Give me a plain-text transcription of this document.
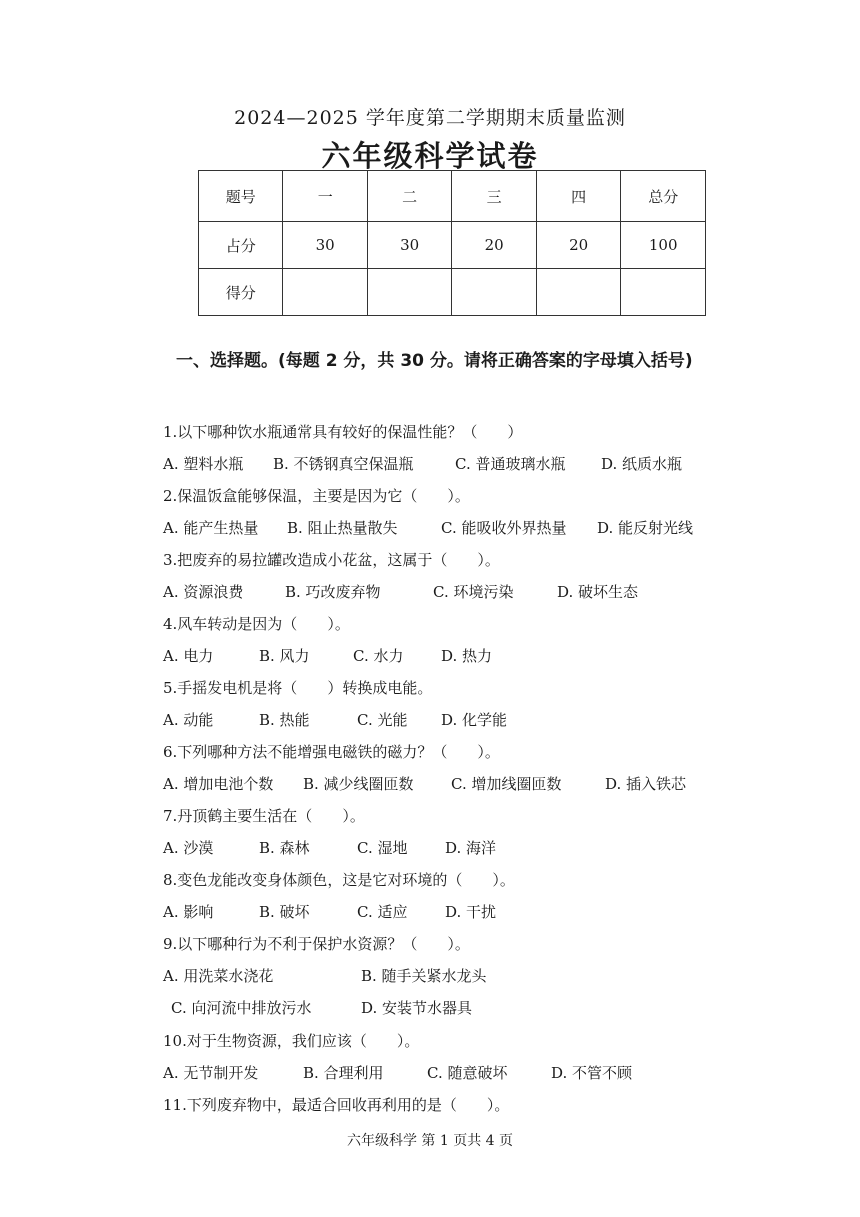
2024—2025 学年度第二学期期末质量监测
六年级科学试卷
题号	一	二	三	四	总分
占分	30	30	20	20	100
得分					
一、选择题。(每题 2 分，共 30 分。请将正确答案的字母填入括号)
1.以下哪种饮水瓶通常具有较好的保温性能？（　　）
A. 塑料水瓶 B. 不锈钢真空保温瓶	C. 普通玻璃水瓶 D. 纸质水瓶
2.保温饭盒能够保温，主要是因为它（　　）。
A. 能产生热量 B. 阻止热量散失	C. 能吸收外界热量 D. 能反射光线
3.把废弃的易拉罐改造成小花盆，这属于（　　）。
A. 资源浪费	B. 巧改废弃物	C. 环境污染	D. 破坏生态
4.风车转动是因为（　　）。
A. 电力	B. 风力	C. 水力	D. 热力
5.手摇发电机是将（　　）转换成电能。
A. 动能	B. 热能	C. 光能 D. 化学能
6.下列哪种方法不能增强电磁铁的磁力？（　　）。
A. 增加电池个数 B. 减少线圈匝数 C. 增加线圈匝数	D. 插入铁芯
7.丹顶鹤主要生活在（　　）。
A. 沙漠	B. 森林	C. 湿地	D. 海洋
8.变色龙能改变身体颜色，这是它对环境的（　　）。
A. 影响	B. 破坏	C. 适应	D. 干扰
9.以下哪种行为不利于保护水资源？（　　）。
A. 用洗菜水浇花	B. 随手关紧水龙头
C. 向河流中排放污水	D. 安装节水器具
10.对于生物资源，我们应该（　　）。
A. 无节制开发	B. 合理利用	C. 随意破坏	D. 不管不顾
11.下列废弃物中，最适合回收再利用的是（　　）。
六年级科学 第 1 页共 4 页
